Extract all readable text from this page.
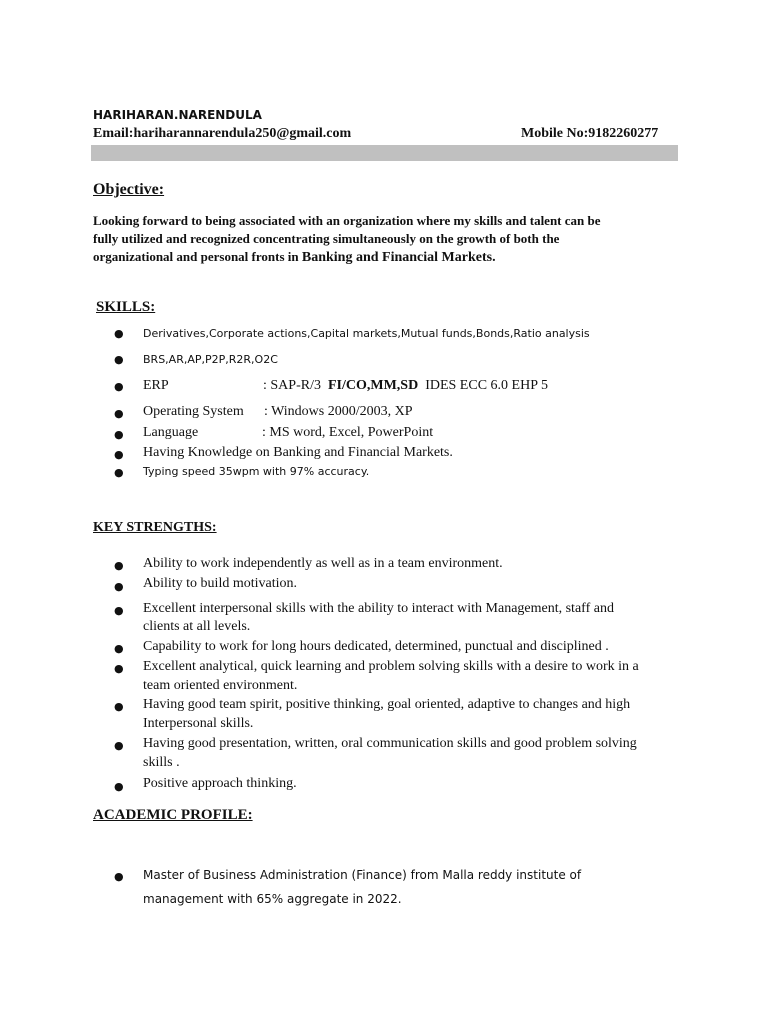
HARIHARAN.NARENDULA
Email:hariharannarendula250@gmail.com	Mobile No:9182260277
Objective:
Looking forward to being associated with an organization where my skills and talent can be
fully utilized and recognized concentrating simultaneously on the growth of both the
organizational and personal fronts in Banking and Financial Markets.
SKILLS:
● Derivatives,Corporate actions,Capital markets,Mutual funds,Bonds,Ratio analysis
● BRS,AR,AP,P2P,R2R,O2C
● ERP	: SAP-R/3 FI/CO,MM,SD IDES ECC 6.0 EHP 5
● Operating System : Windows 2000/2003, XP
● Language	: MS word, Excel, PowerPoint
● Having Knowledge on Banking and Financial Markets.
● Typing speed 35wpm with 97% accuracy.
KEY STRENGTHS:
● Ability to work independently as well as in a team environment.
● Ability to build motivation.
● Excellent interpersonal skills with the ability to interact with Management, staff and
clients at all levels.
● Capability to work for long hours dedicated, determined, punctual and disciplined .
● Excellent analytical, quick learning and problem solving skills with a desire to work in a
team oriented environment.
● Having good team spirit, positive thinking, goal oriented, adaptive to changes and high
Interpersonal skills.
● Having good presentation, written, oral communication skills and good problem solving
skills .
● Positive approach thinking.
ACADEMIC PROFILE:
● Master of Business Administration (Finance) from Malla reddy institute of
management with 65% aggregate in 2022.
